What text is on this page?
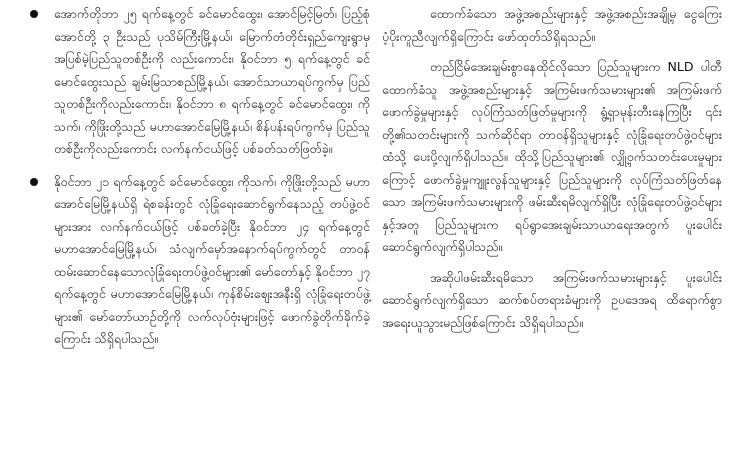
အောက်တိုဘာ ၂၅ ရက်နေ့တွင် ခင်မောင်ထွေး၊ အောင်မြင့်မြတ်၊ ပြည့်စုံအောင်တို့ ၃ ဦးသည် ပုသိမ်ကြီးမြို့နယ်၊ မြောက်တံတိုင်းရှည်ကျေးရွာမှ အပြစ်မဲ့ပြည်သူတစ်ဦးကို လည်းကောင်း၊ နိုဝင်ဘာ ၅ ရက်နေ့တွင် ခင်မောင်ထွေးသည် ချမ်းမြသာစည်မြို့နယ်၊ အောင်သာယာရပ်ကွက်မှ ပြည်သူတစ်ဦးကိုလည်းကောင်း၊ နိုဝင်ဘာ ၈ ရက်နေ့တွင် ခင်မောင်ထွေး၊ ကိုသက်၊ ကိုဖြိုးတို့သည် မဟာအောင်မြေမြို့နယ်၊ စိန်ပန်းရပ်ကွက်မှ ပြည်သူတစ်ဦးကိုလည်းကောင်း လက်နက်ငယ်ဖြင့် ပစ်ခတ်သတ်ဖြတ်ခဲ့။
နိုဝင်ဘာ ၂၁ ရက်နေ့တွင် ခင်မောင်ထွေး၊ ကိုသက်၊ ကိုဖြိုးတို့သည် မဟာအောင်မြေမြို့နယ်ရှိ ရဲစခန်းတွင် လုံခြုံရေးဆောင်ရွက်နေသည့် တပ်ဖွဲ့ဝင်များအား လက်နက်ငယ်ဖြင့် ပစ်ခတ်ခဲ့ပြီး နိုဝင်ဘာ ၂၄ ရက်နေ့တွင် မဟာအောင်မြေမြို့နယ်၊ သံလျက်မှော်အနောက်ရပ်ကွက်တွင် တာဝန်ထမ်းဆောင်နေသောလုံခြုံရေးတပ်ဖွဲ့ဝင်များ၏ မော်တော်နှင့် နိုဝင်ဘာ ၂၇ ရက်နေ့တွင် မဟာအောင်မြေမြို့နယ်၊ ကုန်စိမ်းဈေးအနီးရှိ လုံခြုံရေးတပ်ဖွဲ့များ၏ မော်တော်ယာဉ်တို့ကို လက်လုပ်ဗုံးများဖြင့် ဖောက်ခွဲတိုက်ခိုက်ခဲ့ကြောင်း သိရှိရပါသည်။

ထောက်ခံသော အဖွဲ့အစည်းများနှင့် အဖွဲ့အစည်းအချို့မှ ငွေကြေးပံ့ပိုးကူညီလျက်ရှိကြောင်း ဖော်ထုတ်သိရှိရသည်။

တည်ငြိမ်အေးချမ်းစွာနေထိုင်လိုသော ပြည်သူများက NLD ပါတီထောက်ခံသူ အဖွဲ့အစည်းများနှင့် အကြမ်းဖက်သမားများ၏ အကြမ်းဖက်ဖောက်ခွဲမှုများနှင့် လုပ်ကြံသတ်ဖြတ်မှုများကို ရွံ့ရှာမုန်းတီးနေကြပြီး ၎င်းတို့၏သတင်းများကို သက်ဆိုင်ရာ တာဝန်ရှိသူများနှင့် လုံခြုံရေးတပ်ဖွဲ့ဝင်များထံသို့ ပေးပို့လျက်ရှိပါသည်။ ထိုသို့ပြည်သူများ၏ လျှို့ဝှက်သတင်းပေးမှုများကြောင့် ဖောက်ခွဲမှုကျူးလွန်သူများနှင့် ပြည်သူများကို လုပ်ကြံသတ်ဖြတ်နေသော အကြမ်းဖက်သမားများကို ဖမ်းဆီးရမိလျက်ရှိပြီး လုံခြုံရေးတပ်ဖွဲ့ဝင်များနှင့်အတူ ပြည်သူများက ရပ်ရွာအေးချမ်းသာယာရေးအတွက် ပူးပေါင်းဆောင်ရွက်လျက်ရှိပါသည်။

အဆိုပါဖမ်းဆီးရမိသော အကြမ်းဖက်သမားများနှင့် ပူးပေါင်းဆောင်ရွက်လျက်ရှိသော ဆက်စပ်တရားခံများကို ဥပဒေအရ ထိရောက်စွာအရေးယူသွားမည်ဖြစ်ကြောင်း သိရှိရပါသည်။
